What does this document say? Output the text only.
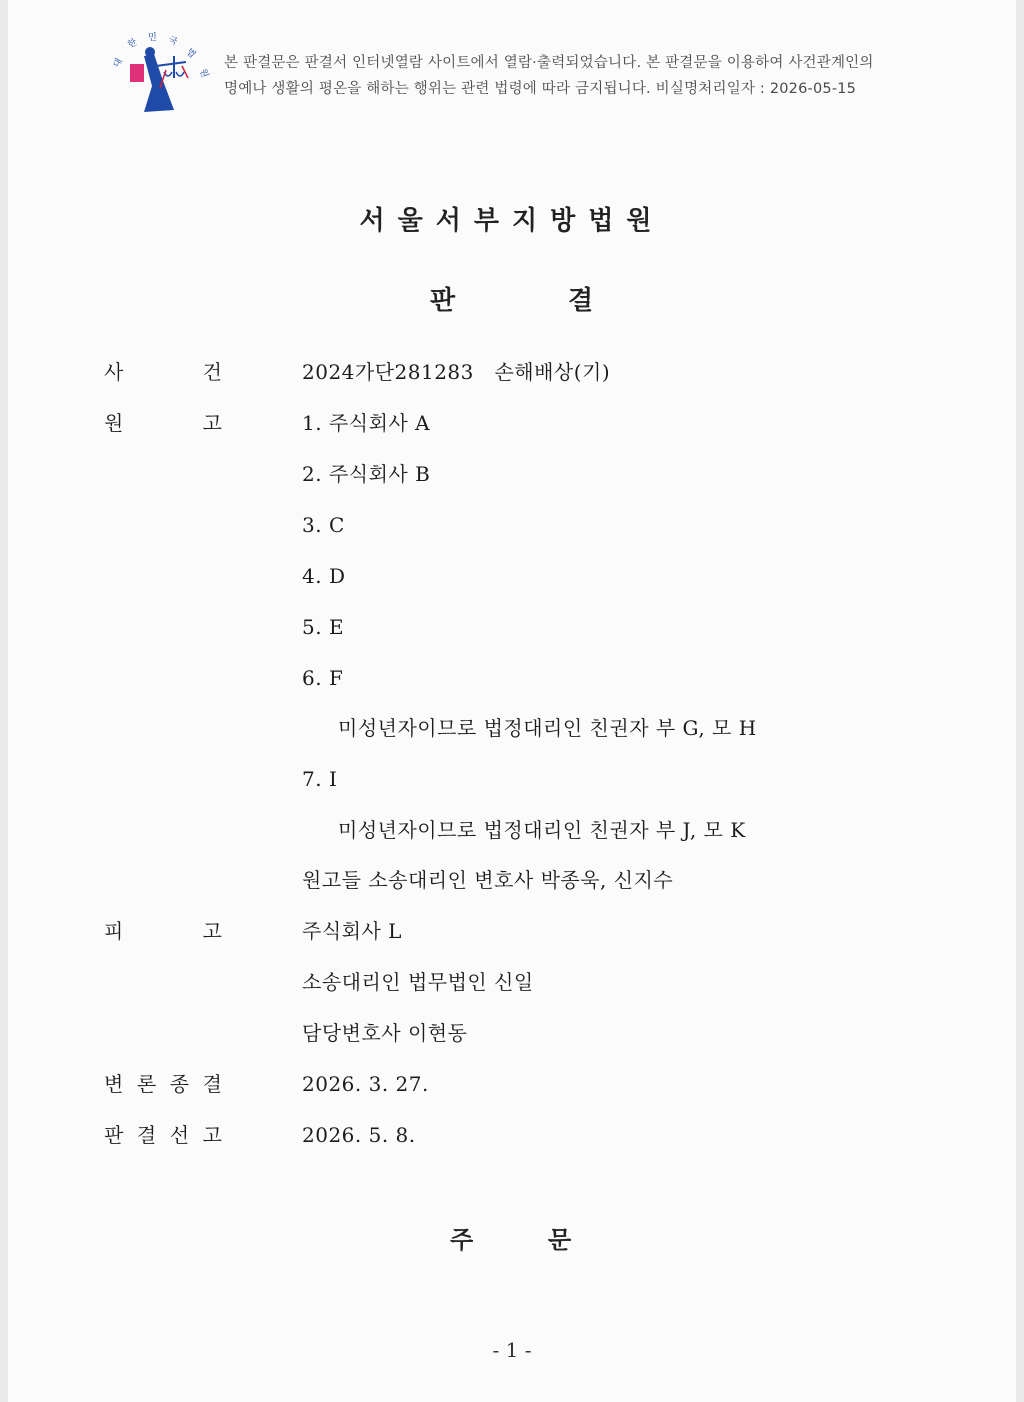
대
한 민 국
법
원
본 판결문은 판결서 인터넷열람 사이트에서 열람·출력되었습니다. 본 판결문을 이용하여 사건관계인의
명예나 생활의 평온을 해하는 행위는 관련 법령에 따라 금지됩니다. 비실명처리일자 : 2026-05-15
서울서부지방법원
판	결
사	건	2024가단281283 손해배상(기)
원	고	1. 주식회사 A
2. 주식회사 B
3. C
4. D
5. E
6. F
미성년자이므로 법정대리인 친권자 부 G, 모 H
7. I
미성년자이므로 법정대리인 친권자 부 J, 모 K
원고들 소송대리인 변호사 박종욱, 신지수
피	고	주식회사 L
소송대리인 법무법인 신일
담당변호사 이현동
변 론 종 결	2026. 3. 27.
판 결 선 고	2026. 5. 8.
주	문
- 1 -
